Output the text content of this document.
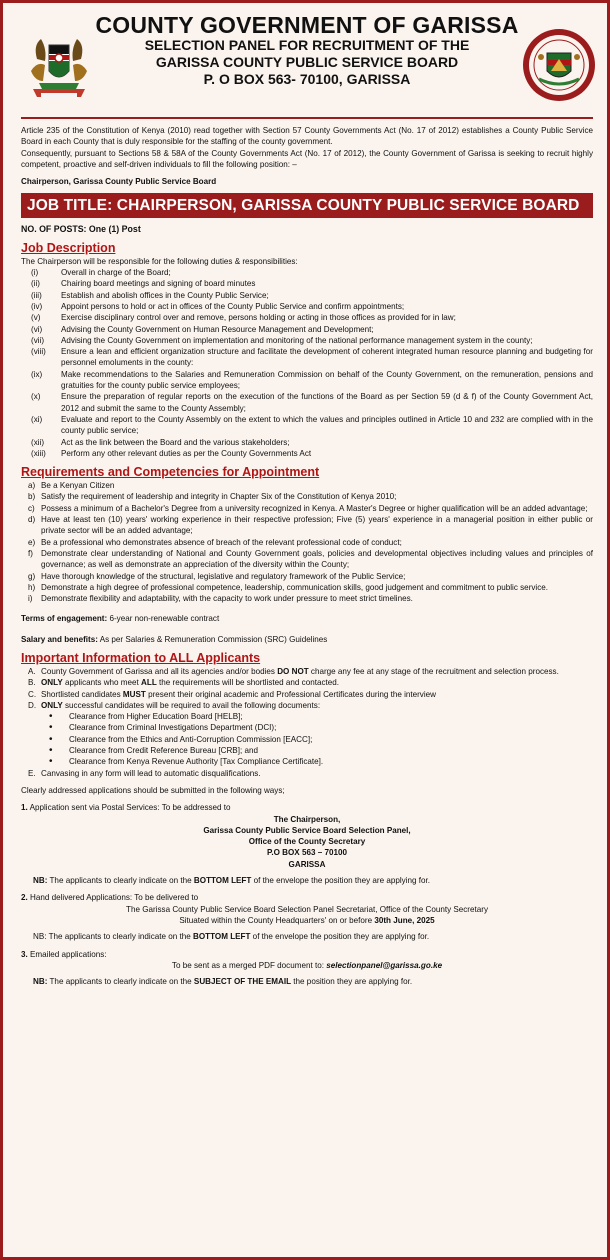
COUNTY GOVERNMENT OF GARISSA
SELECTION PANEL FOR RECRUITMENT OF THE
GARISSA COUNTY PUBLIC SERVICE BOARD
P. O BOX 563- 70100, GARISSA

Article 235 of the Constitution of Kenya (2010) read together with Section 57 County Governments Act (No. 17 of 2012) establishes a County Public Service Board in each County that is duly responsible for the staffing of the county government.

Consequently, pursuant to Sections 58 & 58A of the County Governments Act (No. 17 of 2012), the County Government of Garissa is seeking to recruit highly competent, proactive and self-driven individuals to fill the following position: –

Chairperson, Garissa County Public Service Board

JOB TITLE: CHAIRPERSON, GARISSA COUNTY PUBLIC SERVICE BOARD

NO. OF POSTS: One (1) Post

Job Description

The Chairperson will be responsible for the following duties & responsibilities:

(i)	Overall in charge of the Board;
(ii)	Chairing board meetings and signing of board minutes
(iii) Establish and abolish offices in the County Public Service;
(iv) Appoint persons to hold or act in offices of the County Public Service and confirm appointments;
(v)	Exercise disciplinary control over and remove, persons holding or acting in those offices as provided for in law;
(vi) Advising the County Government on Human Resource Management and Development;
(vii) Advising the County Government on implementation and monitoring of the national performance management system in the county;
(viii) Ensure a lean and efficient organization structure and facilitate the development of coherent integrated human resource planning and budgeting for personnel emoluments in the county:
(ix) Make recommendations to the Salaries and Remuneration Commission on behalf of the County Government, on the remuneration, pensions and gratuities for the county public service employees;
(x)	Ensure the preparation of regular reports on the execution of the functions of the Board as per Section 59 (d & f) of the County Government Act, 2012 and submit the same to the County Assembly;
(xi) Evaluate and report to the County Assembly on the extent to which the values and principles outlined in Article 10 and 232 are complied with in the county public service;
(xii) Act as the link between the Board and the various stakeholders;
(xiii) Perform any other relevant duties as per the County Governments Act
Requirements and Competencies for Appointment
a) Be a Kenyan Citizen
b) Satisfy the requirement of leadership and integrity in Chapter Six of the Constitution of Kenya 2010;
c) Possess a minimum of a Bachelor's Degree from a university recognized in Kenya. A Master's Degree or higher qualification will be an added advantage;
d) Have at least ten (10) years' working experience in their respective profession; Five (5) years' experience in a managerial position in either public or private sector will be an added advantage;
e) Be a professional who demonstrates absence of breach of the relevant professional code of conduct;
f) Demonstrate clear understanding of National and County Government goals, policies and developmental objectives including values and principles of governance; as well as demonstrate an appreciation of the diversity within the County;
g) Have thorough knowledge of the structural, legislative and regulatory framework of the Public Service;
h) Demonstrate a high degree of professional competence, leadership, communication skills, good judgement and commitment to public service.
i) Demonstrate flexibility and adaptability, with the capacity to work under pressure to meet strict timelines.

Terms of engagement: 6-year non-renewable contract

Salary and benefits: As per Salaries & Remuneration Commission (SRC) Guidelines

Important Information to ALL Applicants
A. County Government of Garissa and all its agencies and/or bodies DO NOT charge any fee at any stage of the recruitment and selection process.
B. ONLY applicants who meet ALL the requirements will be shortlisted and contacted.
C. Shortlisted candidates MUST present their original academic and Professional Certificates during the interview
D. ONLY successful candidates will be required to avail the following documents:
• Clearance from Higher Education Board [HELB];
• Clearance from Criminal Investigations Department (DCI);
• Clearance from the Ethics and Anti-Corruption Commission [EACC];
• Clearance from Credit Reference Bureau [CRB]; and
• Clearance from Kenya Revenue Authority [Tax Compliance Certificate].
E. Canvasing in any form will lead to automatic disqualifications.

Clearly addressed applications should be submitted in the following ways;

1. Application sent via Postal Services: To be addressed to

The Chairperson,

Garissa County Public Service Board Selection Panel,

Office of the County Secretary

P.O BOX 563 – 70100

GARISSA

NB: The applicants to clearly indicate on the BOTTOM LEFT of the envelope the position they are applying for.

2. Hand delivered Applications: To be delivered to

The Garissa County Public Service Board Selection Panel Secretariat, Office of the County Secretary

Situated within the County Headquarters' on or before 30th June, 2025

NB: The applicants to clearly indicate on the BOTTOM LEFT of the envelope the position they are applying for.

3. Emailed applications:

To be sent as a merged PDF document to: selectionpanel@garissa.go.ke

NB: The applicants to clearly indicate on the SUBJECT OF THE EMAIL the position they are applying for.
